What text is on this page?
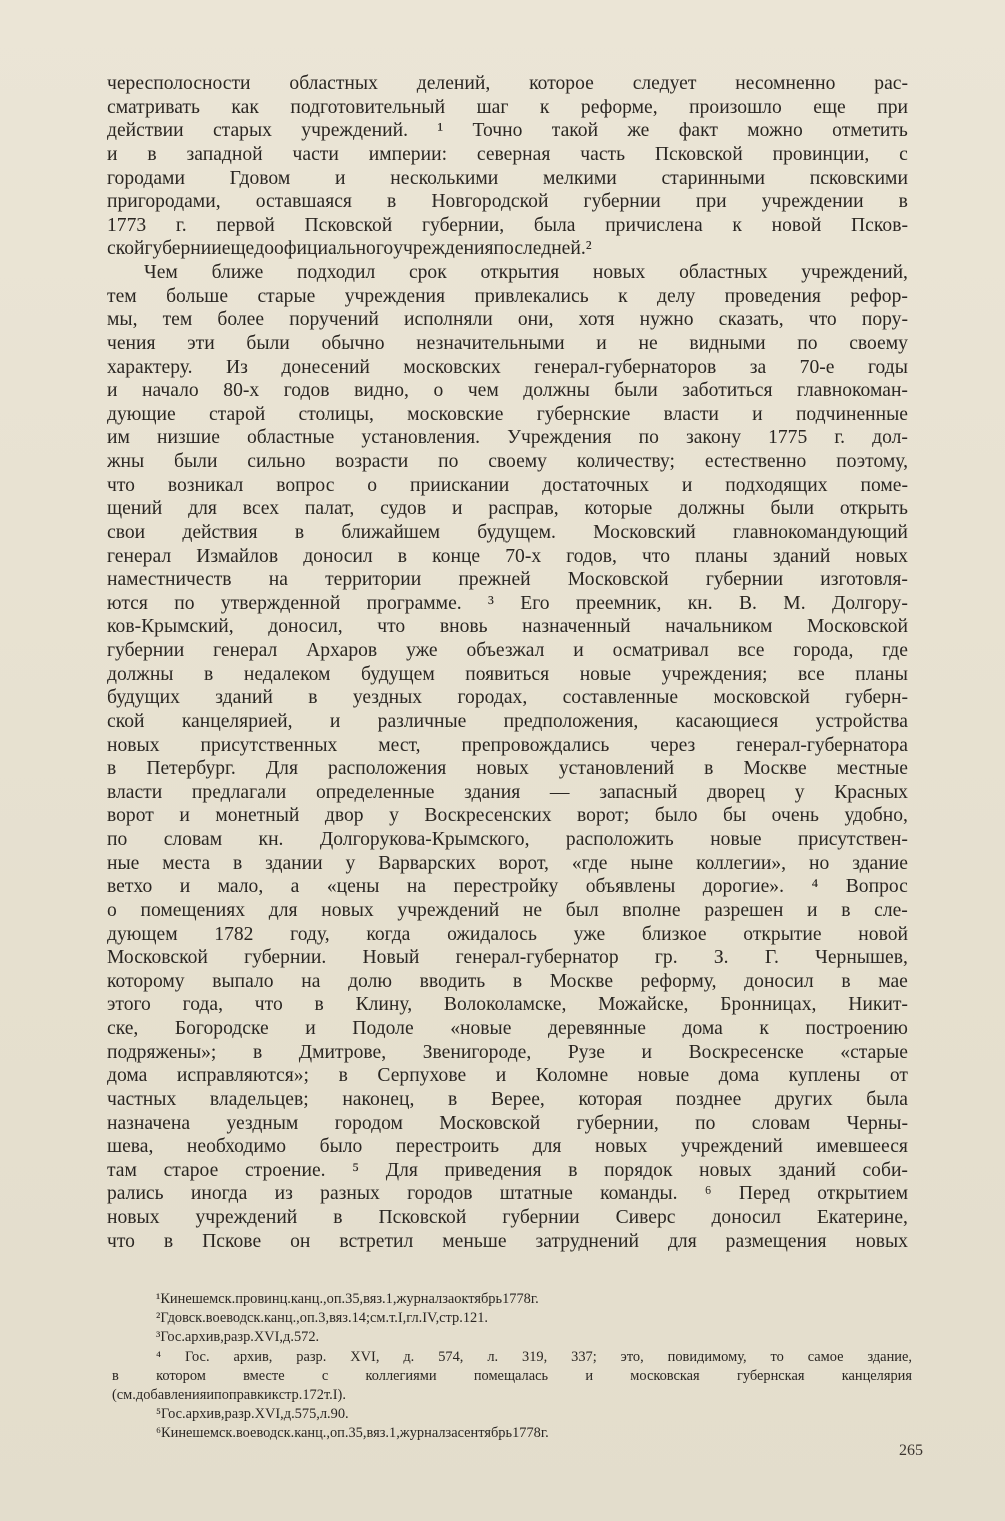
чересполосности областных делений, которое следует несомненно рас-
сматривать как подготовительный шаг к реформе, произошло еще при
действии старых учреждений. ¹ Точно такой же факт можно отметить
и в западной части империи: северная часть Псковской провинции, с
городами Гдовом и несколькими мелкими старинными псковскими
пригородами, оставшаяся в Новгородской губернии при учреждении в
1773 г. первой Псковской губернии, была причислена к новой Псков-
ской губернии еще до официального учреждения последней. ²
Чем ближе подходил срок открытия новых областных учреждений,
тем больше старые учреждения привлекались к делу проведения рефор-
мы, тем более поручений исполняли они, хотя нужно сказать, что пору-
чения эти были обычно незначительными и не видными по своему
характеру. Из донесений московских генерал-губернаторов за 70-е годы
и начало 80-х годов видно, о чем должны были заботиться главнокоман-
дующие старой столицы, московские губернские власти и подчиненные
им низшие областные установления. Учреждения по закону 1775 г. дол-
жны были сильно возрасти по своему количеству; естественно поэтому,
что возникал вопрос о приискании достаточных и подходящих поме-
щений для всех палат, судов и расправ, которые должны были открыть
свои действия в ближайшем будущем. Московский главнокомандующий
генерал Измайлов доносил в конце 70-х годов, что планы зданий новых
наместничеств на территории прежней Московской губернии изготовля-
ются по утвержденной программе. ³ Его преемник, кн. В. М. Долгору-
ков-Крымский, доносил, что вновь назначенный начальником Московской
губернии генерал Архаров уже объезжал и осматривал все города, где
должны в недалеком будущем появиться новые учреждения; все планы
будущих зданий в уездных городах, составленные московской губерн-
ской канцелярией, и различные предположения, касающиеся устройства
новых присутственных мест, препровождались через генерал-губернатора
в Петербург. Для расположения новых установлений в Москве местные
власти предлагали определенные здания — запасный дворец у Красных
ворот и монетный двор у Воскресенских ворот; было бы очень удобно,
по словам кн. Долгорукова-Крымского, расположить новые присутствен-
ные места в здании у Варварских ворот, «где ныне коллегии», но здание
ветхо и мало, а «цены на перестройку объявлены дорогие». ⁴ Вопрос
о помещениях для новых учреждений не был вполне разрешен и в сле-
дующем 1782 году, когда ожидалось уже близкое открытие новой
Московской губернии. Новый генерал-губернатор гр. З. Г. Чернышев,
которому выпало на долю вводить в Москве реформу, доносил в мае
этого года, что в Клину, Волоколамске, Можайске, Бронницах, Никит-
ске, Богородске и Подоле «новые деревянные дома к построению
подряжены»; в Дмитрове, Звенигороде, Рузе и Воскресенске «старые
дома исправляются»; в Серпухове и Коломне новые дома куплены от
частных владельцев; наконец, в Верее, которая позднее других была
назначена уездным городом Московской губернии, по словам Черны-
шева, необходимо было перестроить для новых учреждений имевшееся
там старое строение. ⁵ Для приведения в порядок новых зданий соби-
рались иногда из разных городов штатные команды. ⁶ Перед открытием
новых учреждений в Псковской губернии Сиверс доносил Екатерине,
что в Пскове он встретил меньше затруднений для размещения новых
¹ Кинешемск. провинц. канц., оп. 35, вяз. 1, журнал за октябрь 1778 г.
² Гдовск. воеводск. канц., оп. 3, вяз. 14; см. т. I, гл. IV, стр. 121.
³ Гос. архив, разр. XVI, д. 572.
⁴ Гос. архив, разр. XVI, д. 574, л. 319, 337; это, повидимому, то самое здание,
в	котором	вместе	с	коллегиями	помещалась	и	московская	губернская	канцелярия
(см. добавления и поправки к стр. 172 т. I).
⁵ Гос. архив, разр. XVI, д. 575, л. 90.
⁶ Кинешемск. воеводск. канц., оп. 35, вяз. 1, журнал за сентябрь 1778 г.
265
